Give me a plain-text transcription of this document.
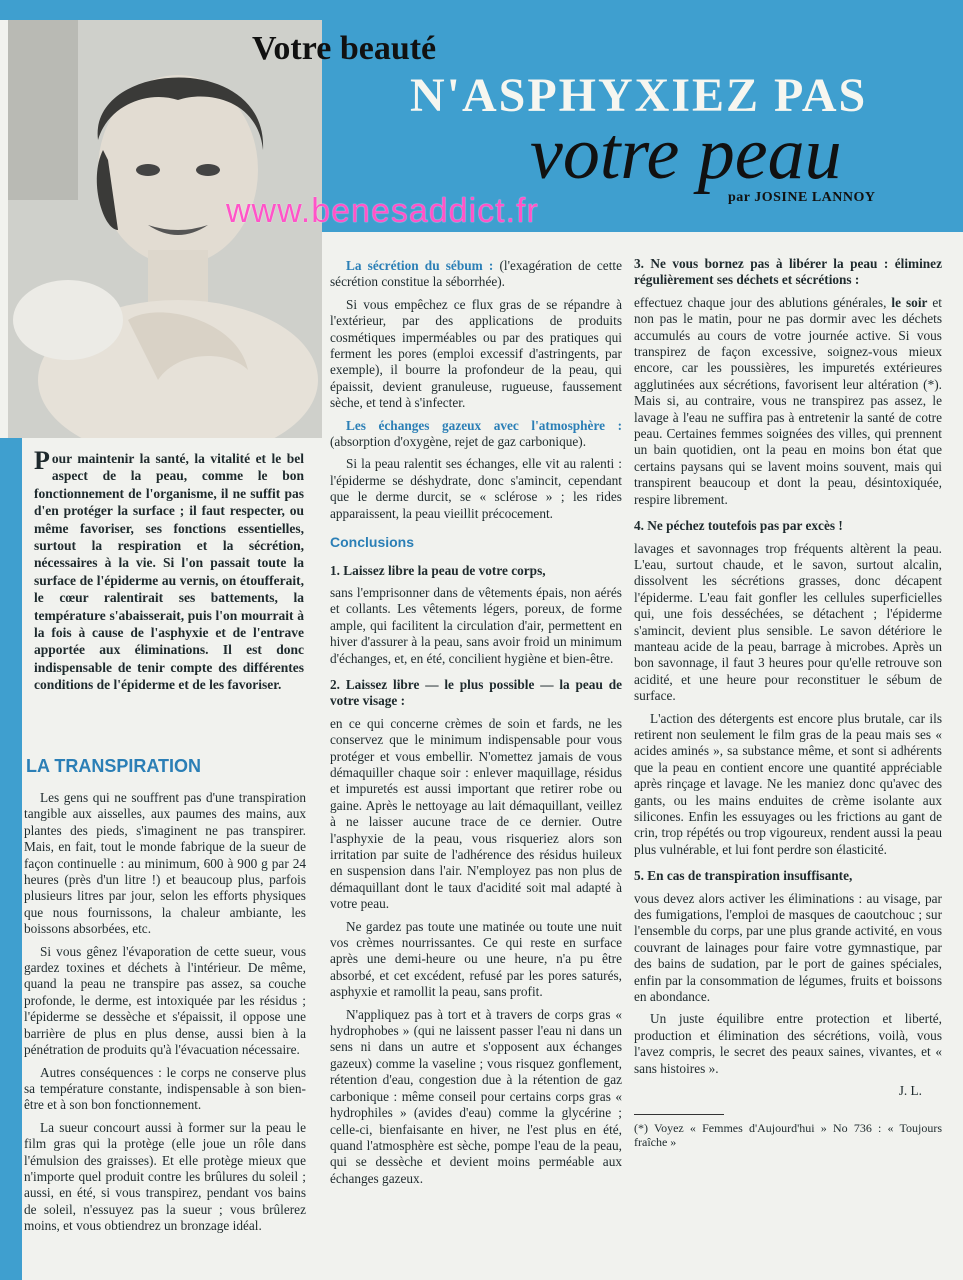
Votre beauté
N'ASPHYXIEZ PAS
votre peau
par JOSINE LANNOY
www.benesaddict.fr

Pour maintenir la santé, la vitalité et le bel aspect de la peau, comme le bon fonctionnement de l'organisme, il ne suffit pas d'en protéger la surface ; il faut respecter, ou même favoriser, ses fonctions essentielles, surtout la respiration et la sécrétion, nécessaires à la vie. Si l'on passait toute la surface de l'épiderme au vernis, on étoufferait, le cœur ralentirait ses battements, la température s'abaisserait, puis l'on mourrait à la fois à cause de l'asphyxie et de l'entrave apportée aux éliminations. Il est donc indispensable de tenir compte des différentes conditions de l'épiderme et de les favoriser.

LA TRANSPIRATION

Les gens qui ne souffrent pas d'une transpiration tangible aux aisselles, aux paumes des mains, aux plantes des pieds, s'imaginent ne pas transpirer. Mais, en fait, tout le monde fabrique de la sueur de façon continuelle : au minimum, 600 à 900 g par 24 heures (près d'un litre !) et beaucoup plus, parfois plusieurs litres par jour, selon les efforts physiques que nous fournissons, la chaleur ambiante, les boissons absorbées, etc.

Si vous gênez l'évaporation de cette sueur, vous gardez toxines et déchets à l'intérieur. De même, quand la peau ne transpire pas assez, sa couche profonde, le derme, est intoxiquée par les résidus ; l'épiderme se dessèche et s'épaissit, il oppose une barrière de plus en plus dense, aussi bien à la pénétration de produits qu'à l'évacuation nécessaire.

Autres conséquences : le corps ne conserve plus sa température constante, indispensable à son bien-être et à son bon fonctionnement.

La sueur concourt aussi à former sur la peau le film gras qui la protège (elle joue un rôle dans l'émulsion des graisses). Et elle protège mieux que n'importe quel produit contre les brûlures du soleil ; aussi, en été, si vous transpirez, pendant vos bains de soleil, n'essuyez pas la sueur ; vous brûlerez moins, et vous obtiendrez un bronzage idéal.

La sécrétion du sébum : (l'exagération de cette sécrétion constitue la séborrhée).

Si vous empêchez ce flux gras de se répandre à l'extérieur, par des applications de produits cosmétiques imperméables ou par des pratiques qui ferment les pores (emploi excessif d'astringents, par exemple), il bourre la profondeur de la peau, qui épaissit, devient granuleuse, rugueuse, faussement sèche, et tend à s'infecter.

Les échanges gazeux avec l'atmosphère : (absorption d'oxygène, rejet de gaz carbonique).

Si la peau ralentit ses échanges, elle vit au ralenti : l'épiderme se déshydrate, donc s'amincit, cependant que le derme durcit, se « sclérose » ; les rides apparaissent, la peau vieillit précocement.

Conclusions
1. Laissez libre la peau de votre corps,

sans l'emprisonner dans de vêtements épais, non aérés et collants. Les vêtements légers, poreux, de forme ample, qui facilitent la circulation d'air, permettent en hiver d'assurer à la peau, sans avoir froid un minimum d'échanges, et, en été, concilient hygiène et bien-être.

2. Laissez libre — le plus possible — la peau de votre visage :

en ce qui concerne crèmes de soin et fards, ne les conservez que le minimum indispensable pour vous protéger et vous embellir. N'omettez jamais de vous démaquiller chaque soir : enlever maquillage, résidus et impuretés est aussi important que retirer robe ou gaine. Après le nettoyage au lait démaquillant, veillez à ne laisser aucune trace de ce dernier. Outre l'asphyxie de la peau, vous risqueriez alors son irritation par suite de l'adhérence des résidus huileux en suspension dans l'air. N'employez pas non plus de démaquillant dont le taux d'acidité soit mal adapté à votre peau.

Ne gardez pas toute une matinée ou toute une nuit vos crèmes nourrissantes. Ce qui reste en surface après une demi-heure ou une heure, n'a pu être absorbé, et cet excédent, refusé par les pores saturés, asphyxie et ramollit la peau, sans profit.

N'appliquez pas à tort et à travers de corps gras « hydrophobes » (qui ne laissent passer l'eau ni dans un sens ni dans un autre et s'opposent aux échanges gazeux) comme la vaseline ; vous risquez gonflement, rétention d'eau, congestion due à la rétention de gaz carbonique : même conseil pour certains corps gras « hydrophiles » (avides d'eau) comme la glycérine ; celle-ci, bienfaisante en hiver, ne l'est plus en été, quand l'atmosphère est sèche, pompe l'eau de la peau, qui se dessèche et devient moins perméable aux échanges gazeux.

3. Ne vous bornez pas à libérer la peau : éliminez régulièrement ses déchets et sécrétions :

effectuez chaque jour des ablutions générales, le soir et non pas le matin, pour ne pas dormir avec les déchets accumulés au cours de votre journée active. Si vous transpirez de façon excessive, soignez-vous mieux encore, car les poussières, les impuretés extérieures agglutinées aux sécrétions, favorisent leur altération (*). Mais si, au contraire, vous ne transpirez pas assez, le lavage à l'eau ne suffira pas à entretenir la santé de cotre peau. Certaines femmes soignées des villes, qui prennent un bain quotidien, ont la peau en moins bon état que certains paysans qui se lavent moins souvent, mais qui transpirent beaucoup et dont la peau, désintoxiquée, respire librement.

4. Ne péchez toutefois pas par excès !

lavages et savonnages trop fréquents altèrent la peau. L'eau, surtout chaude, et le savon, surtout alcalin, dissolvent les sécrétions grasses, donc décapent l'épiderme. L'eau fait gonfler les cellules superficielles qui, une fois desséchées, se détachent ; l'épiderme s'amincit, devient plus sensible. Le savon détériore le manteau acide de la peau, barrage à microbes. Après un bon savonnage, il faut 3 heures pour qu'elle retrouve son acidité, et une heure pour reconstituer le sébum de surface.

L'action des détergents est encore plus brutale, car ils retirent non seulement le film gras de la peau mais ses « acides aminés », sa substance même, et sont si adhérents que la peau en contient encore une quantité appréciable après rinçage et lavage. Ne les maniez donc qu'avec des gants, ou les mains enduites de crème isolante aux silicones. Enfin les essuyages ou les frictions au gant de crin, trop répétés ou trop vigoureux, rendent aussi la peau plus vulnérable, et lui font perdre son élasticité.

5. En cas de transpiration insuffisante,

vous devez alors activer les éliminations : au visage, par des fumigations, l'emploi de masques de caoutchouc ; sur l'ensemble du corps, par une plus grande activité, en vous couvrant de lainages pour faire votre gymnastique, par des bains de sudation, par le port de gaines spéciales, enfin par la consommation de légumes, fruits et boissons en abondance.

Un juste équilibre entre protection et liberté, production et élimination des sécrétions, voilà, vous l'avez compris, le secret des peaux saines, vivantes, et « sans histoires ».

J. L.
(*) Voyez « Femmes d'Aujourd'hui » No 736 : « Toujours fraîche »
